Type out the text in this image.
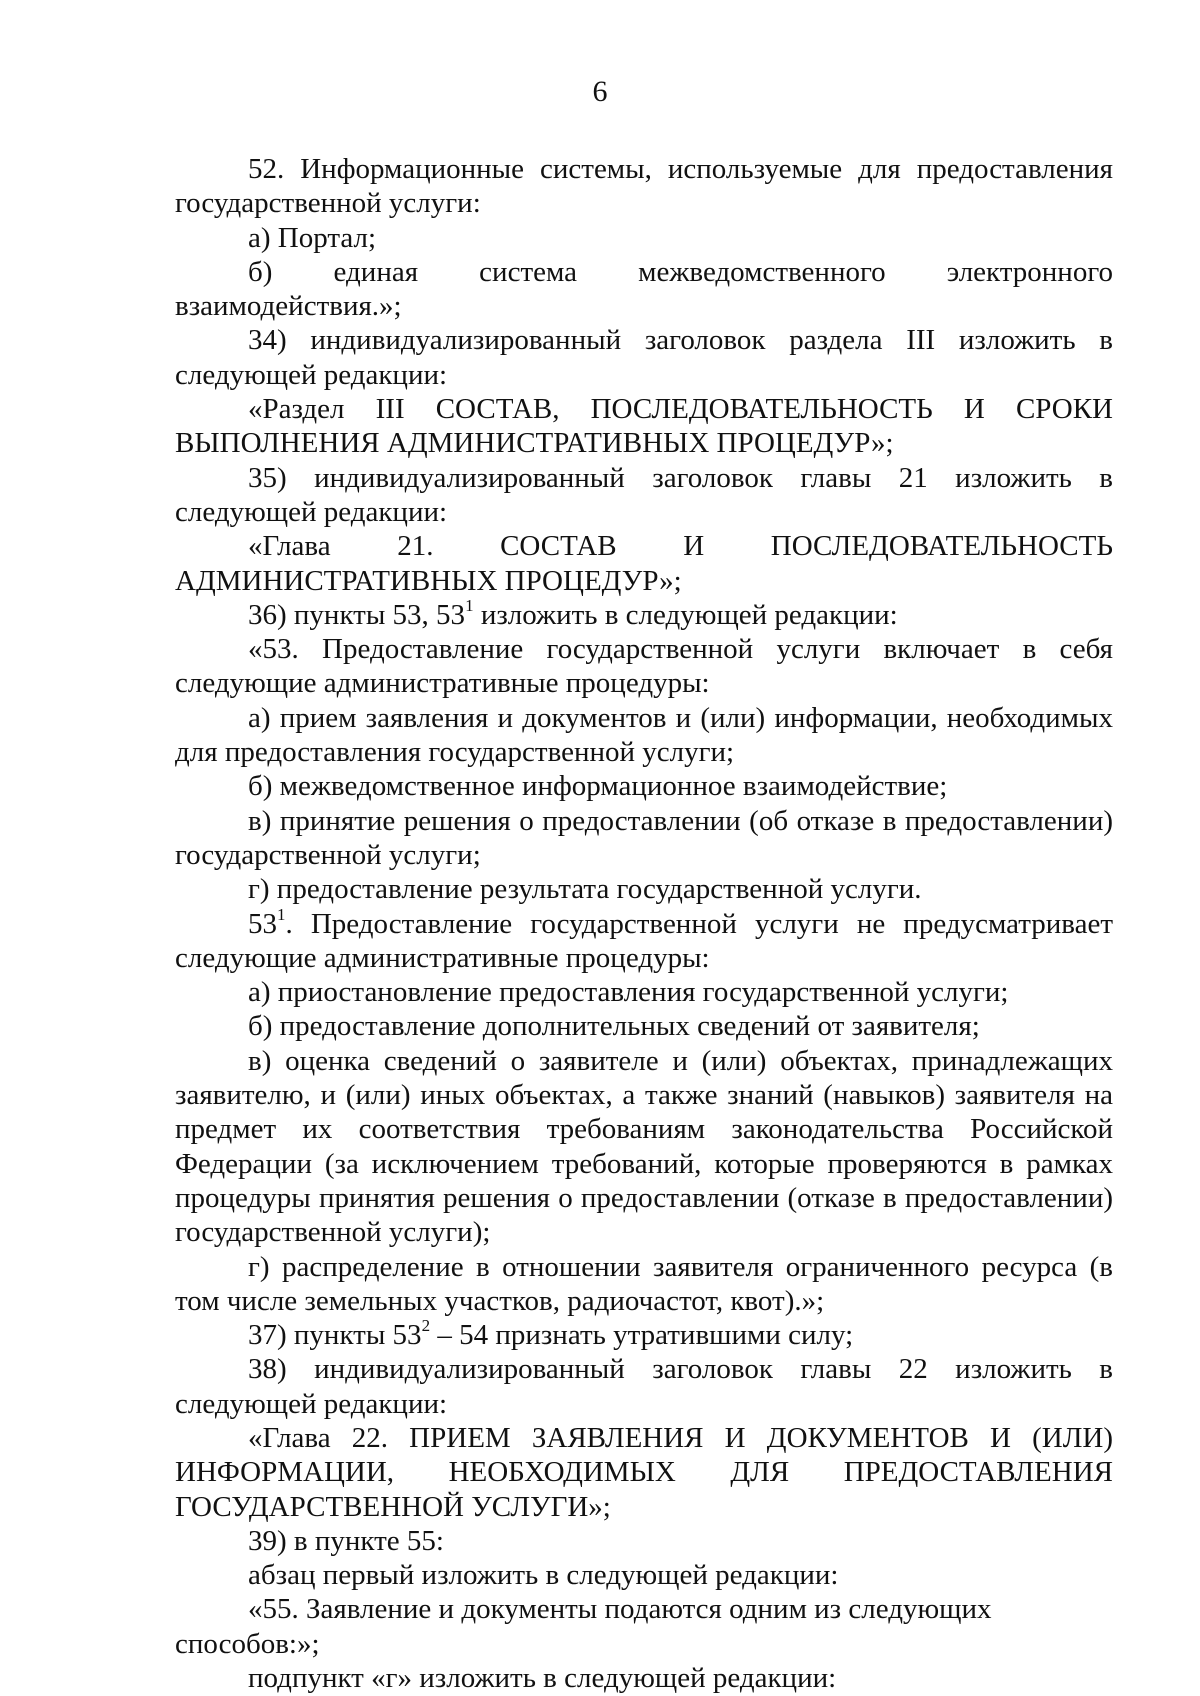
6

52. Информационные системы, используемые для предоставления государственной услуги:

а) Портал;

б) единая система межведомственного электронного взаимодействия.»;

34) индивидуализированный заголовок раздела III изложить в следующей редакции:

«Раздел III СОСТАВ, ПОСЛЕДОВАТЕЛЬНОСТЬ И СРОКИ ВЫПОЛНЕНИЯ АДМИНИСТРАТИВНЫХ ПРОЦЕДУР»;

35) индивидуализированный заголовок главы 21 изложить в следующей редакции:

«Глава 21. СОСТАВ И ПОСЛЕДОВАТЕЛЬНОСТЬ АДМИНИСТРАТИВНЫХ ПРОЦЕДУР»;

36) пункты 53, $53^1$ изложить в следующей редакции:

«53. Предоставление государственной услуги включает в себя следующие административные процедуры:

а) прием заявления и документов и (или) информации, необходимых для предоставления государственной услуги;

б) межведомственное информационное взаимодействие;

в) принятие решения о предоставлении (об отказе в предоставлении) государственной услуги;

г) предоставление результата государственной услуги.

$53^1$. Предоставление государственной услуги не предусматривает следующие административные процедуры:

а) приостановление предоставления государственной услуги;

б) предоставление дополнительных сведений от заявителя;

в) оценка сведений о заявителе и (или) объектах, принадлежащих заявителю, и (или) иных объектах, а также знаний (навыков) заявителя на предмет их соответствия требованиям законодательства Российской Федерации (за исключением требований, которые проверяются в рамках процедуры принятия решения о предоставлении (отказе в предоставлении) государственной услуги);

г) распределение в отношении заявителя ограниченного ресурса (в том числе земельных участков, радиочастот, квот).»;

37) пункты $53^2 - 54$ признать утратившими силу;

38) индивидуализированный заголовок главы 22 изложить в следующей редакции:

«Глава 22. ПРИЕМ ЗАЯВЛЕНИЯ И ДОКУМЕНТОВ И (ИЛИ) ИНФОРМАЦИИ, НЕОБХОДИМЫХ ДЛЯ ПРЕДОСТАВЛЕНИЯ ГОСУДАРСТВЕННОЙ УСЛУГИ»;

39) в пункте 55:

абзац первый изложить в следующей редакции:

«55. Заявление и документы подаются одним из следующих способов:»;

подпункт «г» изложить в следующей редакции:
